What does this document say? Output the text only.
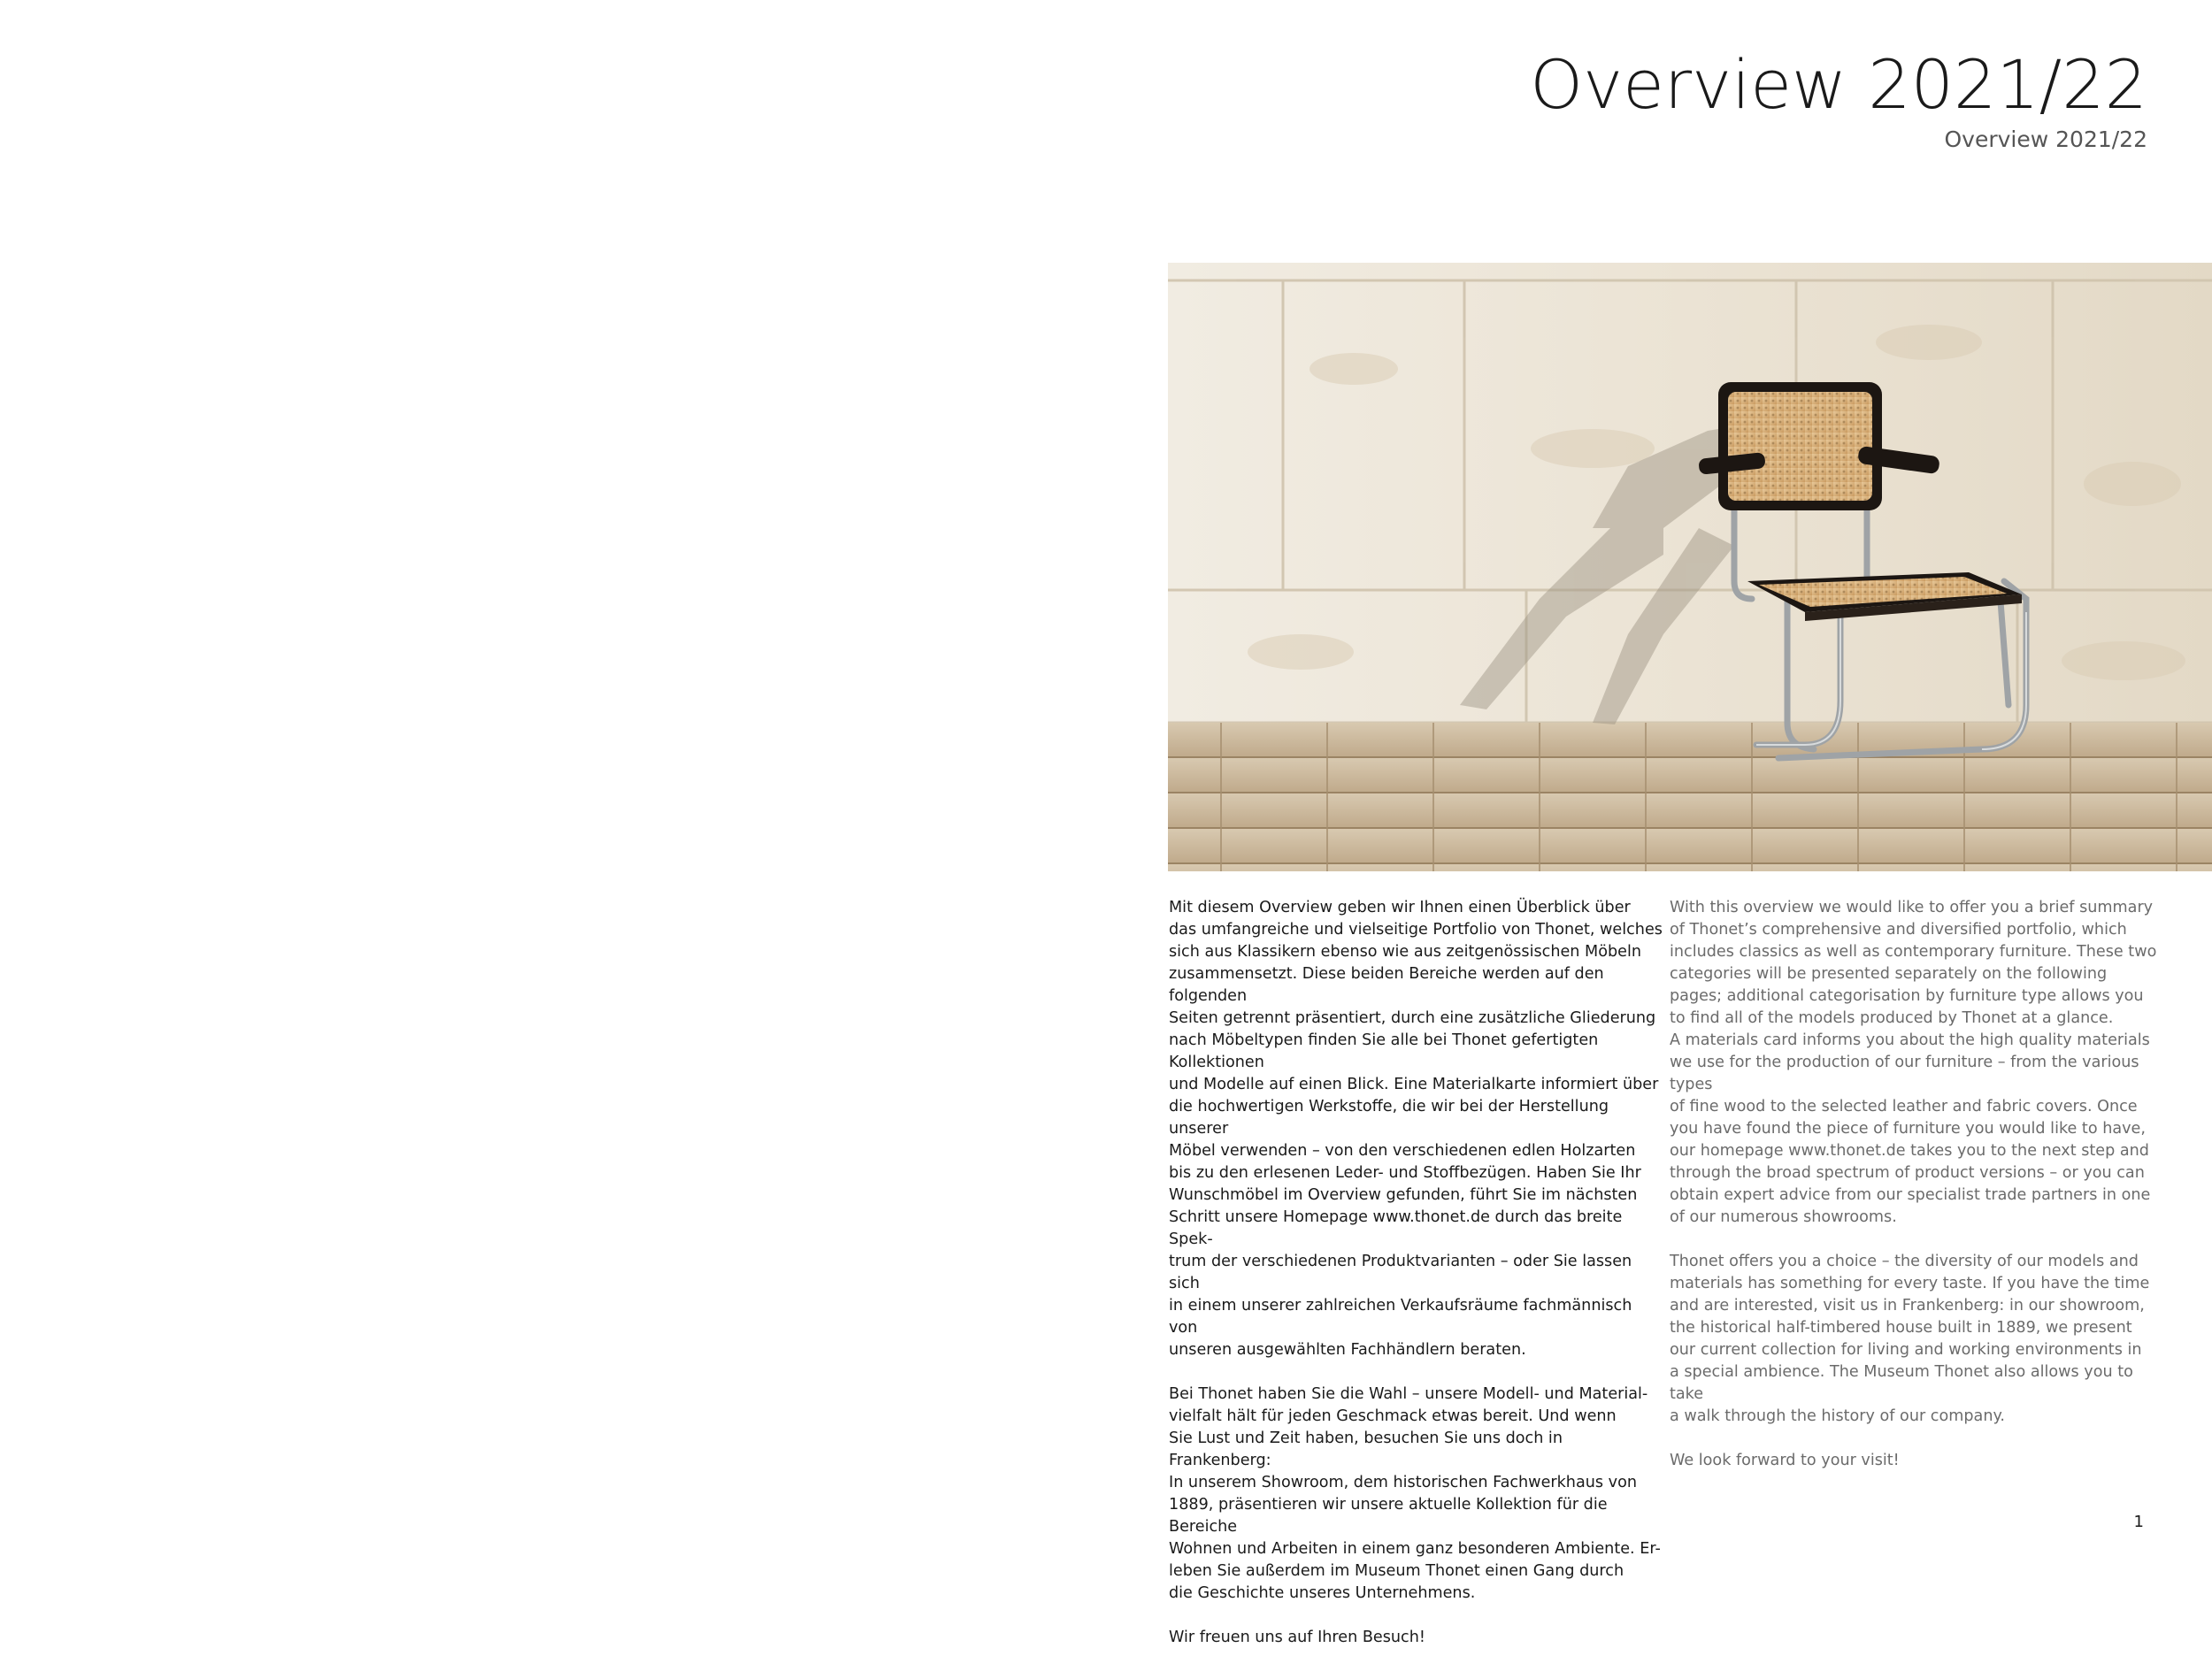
Overview 2021/22
Overview 2021/22

Mit diesem Overview geben wir Ihnen einen Überblick über
das umfangreiche und vielseitige Portfolio von Thonet, welches
sich aus Klassikern ebenso wie aus zeitgenössischen Möbeln
zusammensetzt. Diese beiden Bereiche werden auf den folgenden
Seiten getrennt präsentiert, durch eine zusätzliche Gliederung
nach Möbeltypen finden Sie alle bei Thonet gefertigten Kollektionen
und Modelle auf einen Blick. Eine Materialkarte informiert über
die hochwertigen Werkstoffe, die wir bei der Herstellung unserer
Möbel verwenden – von den verschiedenen edlen Holzarten
bis zu den erlesenen Leder- und Stoffbezügen. Haben Sie Ihr
Wunschmöbel im Overview gefunden, führt Sie im nächsten
Schritt unsere Homepage www.thonet.de durch das breite Spek-
trum der verschiedenen Produktvarianten – oder Sie lassen sich
in einem unserer zahlreichen Verkaufsräume fachmännisch von
unseren ausgewählten Fachhändlern beraten.

Bei Thonet haben Sie die Wahl – unsere Modell- und Material-
vielfalt hält für jeden Geschmack etwas bereit. Und wenn
Sie Lust und Zeit haben, besuchen Sie uns doch in Frankenberg:
In unserem Showroom, dem historischen Fachwerkhaus von
1889, präsentieren wir unsere aktuelle Kollektion für die Bereiche
Wohnen und Arbeiten in einem ganz besonderen Ambiente. Er-
leben Sie außerdem im Museum Thonet einen Gang durch
die Geschichte unseres Unternehmens.

Wir freuen uns auf Ihren Besuch!

With this overview we would like to offer you a brief summary
of Thonet’s comprehensive and diversified portfolio, which
includes classics as well as contemporary furniture. These two
categories will be presented separately on the following
pages; additional categorisation by furniture type allows you
to find all of the models produced by Thonet at a glance.
A materials card informs you about the high quality materials
we use for the production of our furniture – from the various types
of fine wood to the selected leather and fabric covers. Once
you have found the piece of furniture you would like to have,
our homepage www.thonet.de takes you to the next step and
through the broad spectrum of product versions – or you can
obtain expert advice from our specialist trade partners in one
of our numerous showrooms.

Thonet offers you a choice – the diversity of our models and
materials has something for every taste. If you have the time
and are interested, visit us in Frankenberg: in our showroom,
the historical half-timbered house built in 1889, we present
our current collection for living and working environments in
a special ambience. The Museum Thonet also allows you to take
a walk through the history of our company.

We look forward to your visit!

1
